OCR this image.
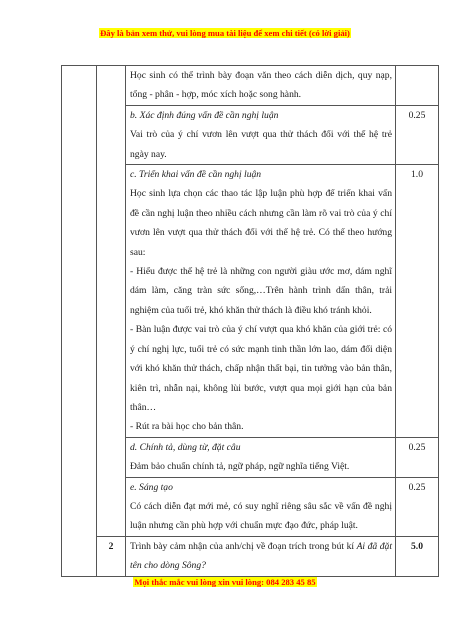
Đây là bản xem thử, vui lòng mua tài liệu để xem chi tiết (có lời giải)

		Học sinh có thể trình bày đoạn văn theo cách diễn dịch, quy nạp, tổng - phân - hợp, móc xích hoặc song hành.	

		b. Xác định đúng vấn đề cần nghị luận

Vai trò của ý chí vươn lên vượt qua thử thách đối với thế hệ trẻ ngày nay.	0.25

		c. Triển khai vấn đề cần nghị luận

Học sinh lựa chọn các thao tác lập luận phù hợp để triển khai vấn đề cần nghị luận theo nhiều cách nhưng cần làm rõ vai trò của ý chí vươn lên vượt qua thử thách đối với thế hệ trẻ. Có thể theo hướng sau:

- Hiểu được thế hệ trẻ là những con người giàu ước mơ, dám nghĩ dám làm, căng tràn sức sống,…Trên hành trình dấn thân, trải nghiệm của tuổi trẻ, khó khăn thử thách là điều khó tránh khỏi.

- Bàn luận được vai trò của ý chí vượt qua khó khăn của giới trẻ: có ý chí nghị lực, tuổi trẻ có sức mạnh tinh thần lớn lao, dám đối diện với khó khăn thử thách, chấp nhận thất bại, tin tưởng vào bản thân, kiên trì, nhẫn nại, không lùi bước, vượt qua mọi giới hạn của bản thân…

- Rút ra bài học cho bản thân.	1.0

		d. Chính tả, dùng từ, đặt câu

Đảm bảo chuẩn chính tả, ngữ pháp, ngữ nghĩa tiếng Việt.	0.25

		e. Sáng tạo

Có cách diễn đạt mới mẻ, có suy nghĩ riêng sâu sắc về vấn đề nghị luận nhưng cần phù hợp với chuẩn mực đạo đức, pháp luật.	0.25
	2	Trình bày cảm nhận của anh/chị về đoạn trích trong bút kí Ai đã đặt tên cho dòng Sông?	5.0
Mọi thắc mắc vui lòng xin vui lòng: 084 283 45 85
